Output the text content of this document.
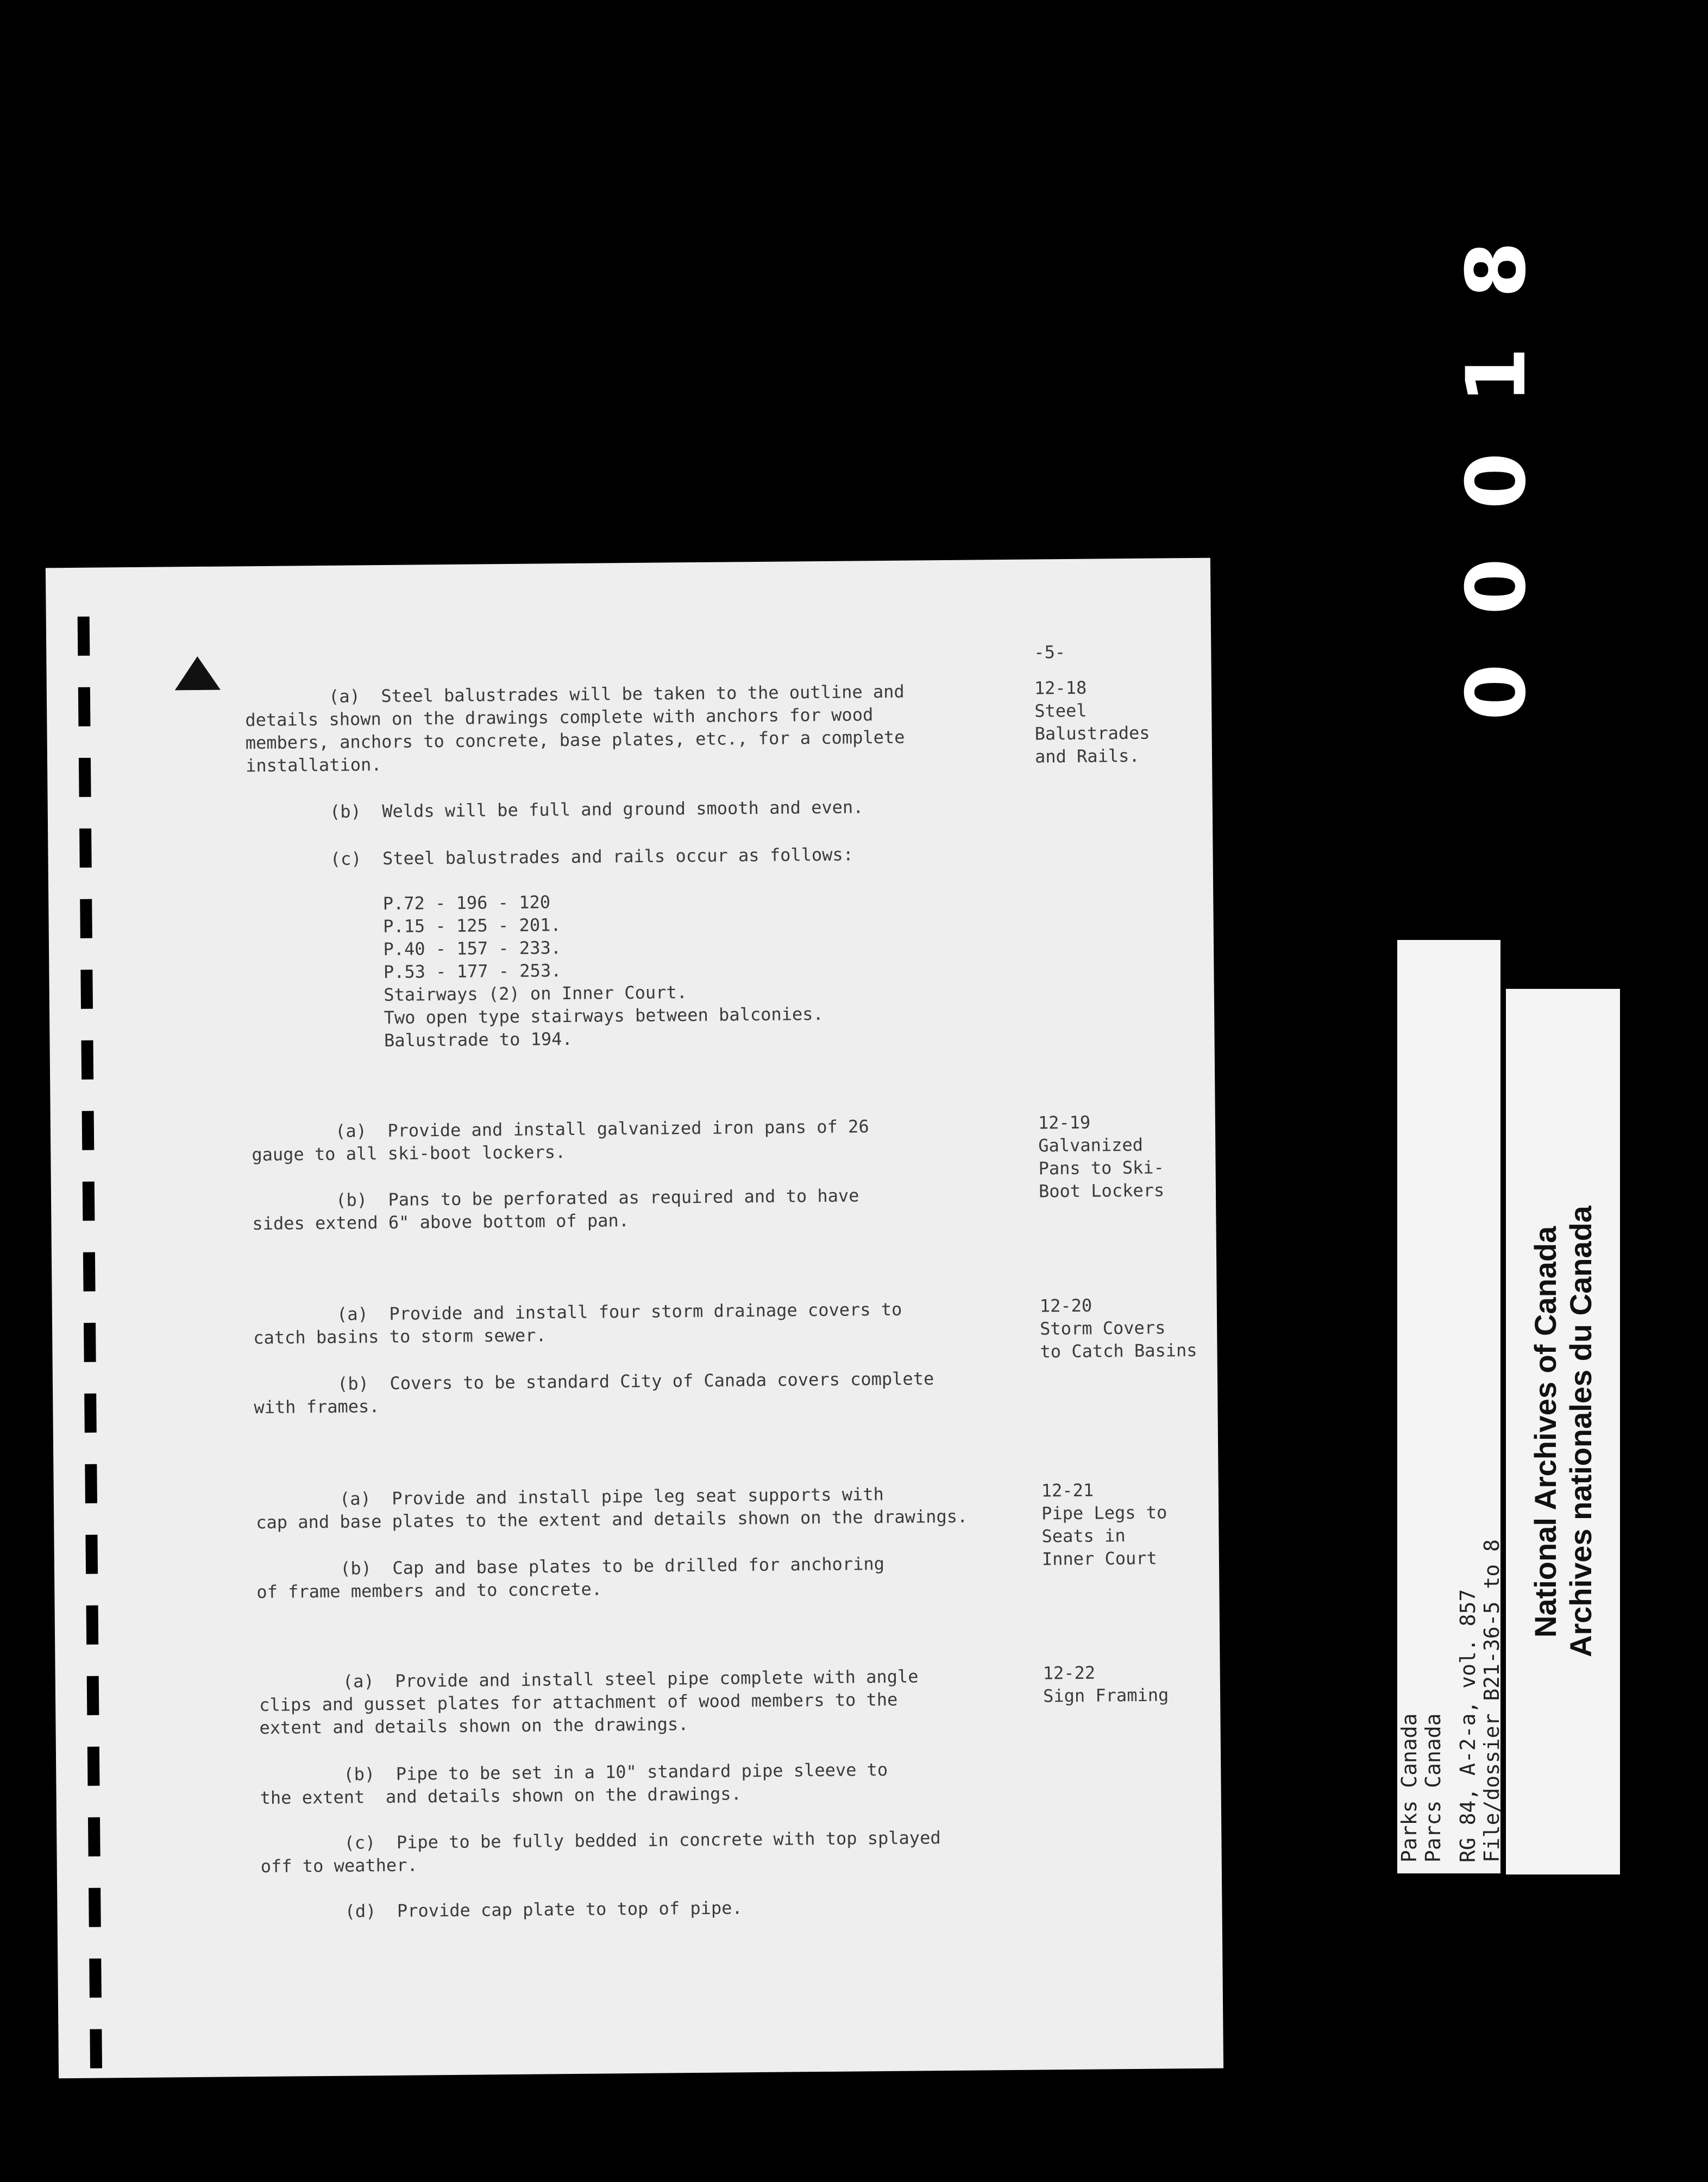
00018
-5-
(a)  Steel balustrades will be taken to the outline and
details shown on the drawings complete with anchors for wood
members, anchors to concrete, base plates, etc., for a complete
installation.
(b)  Welds will be full and ground smooth and even.
(c)  Steel balustrades and rails occur as follows:
P.72 - 196 - 120
P.15 - 125 - 201.
P.40 - 157 - 233.
P.53 - 177 - 253.
Stairways (2) on Inner Court.
Two open type stairways between balconies.
Balustrade to 194.
12-18
Steel
Balustrades
and Rails.
(a)  Provide and install galvanized iron pans of 26
gauge to all ski-boot lockers.
(b)  Pans to be perforated as required and to have
sides extend 6" above bottom of pan.
12-19
Galvanized
Pans to Ski-
Boot Lockers
(a)  Provide and install four storm drainage covers to
catch basins to storm sewer.
(b)  Covers to be standard City of Canada covers complete
with frames.
12-20
Storm Covers
to Catch Basins
(a)  Provide and install pipe leg seat supports with
cap and base plates to the extent and details shown on the drawings.
(b)  Cap and base plates to be drilled for anchoring
of frame members and to concrete.
12-21
Pipe Legs to
Seats in
Inner Court
(a)  Provide and install steel pipe complete with angle
clips and gusset plates for attachment of wood members to the
extent and details shown on the drawings.
(b)  Pipe to be set in a 10" standard pipe sleeve to
the extent  and details shown on the drawings.
(c)  Pipe to be fully bedded in concrete with top splayed
off to weather.
(d)  Provide cap plate to top of pipe.
12-22
Sign Framing
Parks Canada
Parcs Canada RG 84, A-2-a, vol. 857
File/dossier B21-36-5 to 8

National Archives of Canada Archives nationales du Canada
